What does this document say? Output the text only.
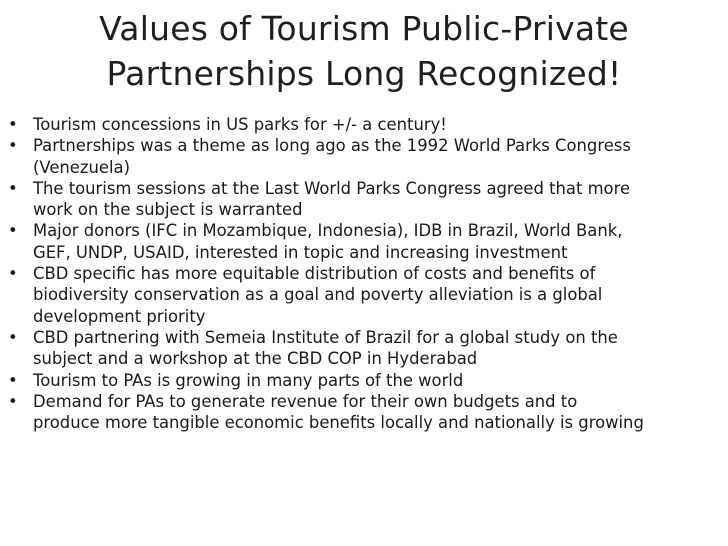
Values of Tourism Public-Private
Partnerships Long Recognized!
• Tourism concessions in US parks for +/- a century!
• Partnerships was a theme as long ago as the 1992 World Parks Congress
(Venezuela)
• The tourism sessions at the Last World Parks Congress agreed that more
work on the subject is warranted
• Major donors (IFC in Mozambique, Indonesia), IDB in Brazil, World Bank,
GEF, UNDP, USAID, interested in topic and increasing investment
• CBD specific has more equitable distribution of costs and benefits of
biodiversity conservation as a goal and poverty alleviation is a global
development priority
• CBD partnering with Semeia Institute of Brazil for a global study on the
subject and a workshop at the CBD COP in Hyderabad
• Tourism to PAs is growing in many parts of the world
• Demand for PAs to generate revenue for their own budgets and to
produce more tangible economic benefits locally and nationally is growing
